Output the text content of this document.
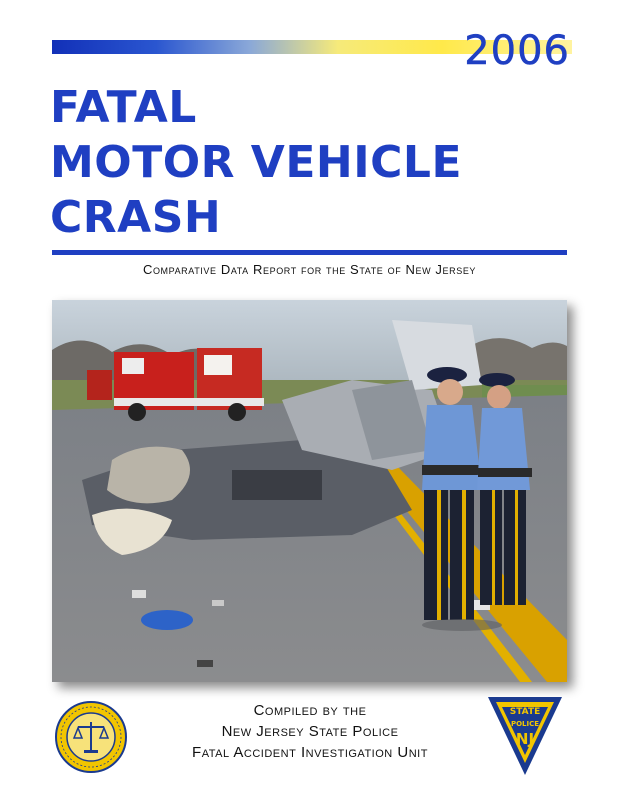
2006
FATAL
MOTOR VEHICLE
CRASH
Comparative Data Report for the State of New Jersey
Compiled by the
New Jersey State Police
Fatal Accident Investigation Unit
STATE
POLICE
NJ
